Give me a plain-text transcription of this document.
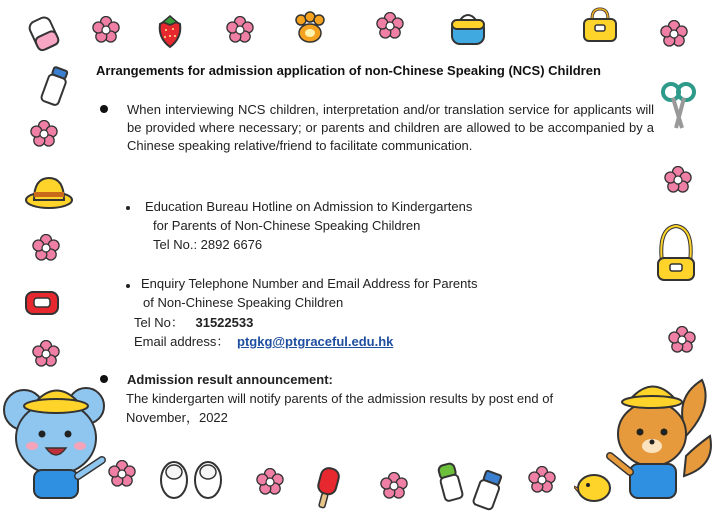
Arrangements for admission application of non-Chinese Speaking (NCS) Children
When interviewing NCS children, interpretation and/or translation service for applicants will be provided where necessary; or parents and children are allowed to be accompanied by a Chinese speaking relative/friend to facilitate communication.
Education Bureau Hotline on Admission to Kindergartens
for Parents of Non-Chinese Speaking Children
Tel No.: 2892 6676
Enquiry Telephone Number and Email Address for Parents
of Non-Chinese Speaking Children
Tel No： 31522533
Email address： ptgkg@ptgraceful.edu.hk
Admission result announcement:
The kindergarten will notify parents of the admission results by post end of
November，2022
